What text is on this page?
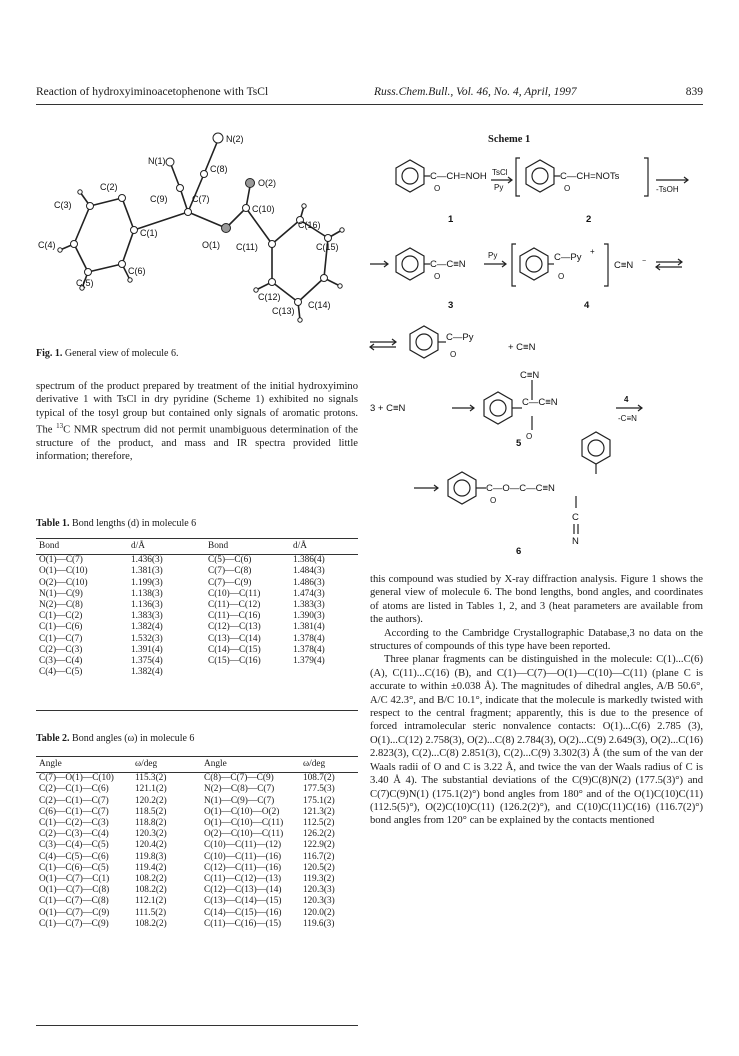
Reaction of hydroxyiminoacetophenone with TsCl	Russ.Chem.Bull., Vol. 46, No. 4, April, 1997	839
N(2)
C(8)
N(1)
O(2)
C(2)
C(9)	C(7)
C(3)	C(10)
C(16)
C(1)
C(4)	O(1) C(11)	C(15)
C(6)
C(5)
C(12)
C(13)
C(14)
Fig. 1. General view of molecule 6.
spectrum of the product prepared by treatment of the initial hydroxyimino derivative 1 with TsCl in dry pyridine (Scheme 1) exhibited no signals typical of the tosyl group but contained only signals of aromatic protons. The $^{13}$C NMR spectrum did not permit unambiguous determination of the structure of the product, and mass and IR spectra provided little information; therefore,
Table 1. Bond lengths (d) in molecule 6
Bond	d/Å	Bond	d/Å
O(1)—C(7)	1.436(3)	C(5)—C(6)	1.386(4)
O(1)—C(10)	1.381(3)	C(7)—C(8)	1.484(3)
O(2)—C(10)	1.199(3)	C(7)—C(9)	1.486(3)
N(1)—C(9)	1.138(3)	C(10)—C(11)	1.474(3)
N(2)—C(8)	1.136(3)	C(11)—C(12)	1.383(3)
C(1)—C(2)	1.383(3)	C(11)—C(16)	1.390(3)
C(1)—C(6)	1.382(4)	C(12)—C(13)	1.381(4)
C(1)—C(7)	1.532(3)	C(13)—C(14)	1.378(4)
C(2)—C(3)	1.391(4)	C(14)—C(15)	1.378(4)
C(3)—C(4)	1.375(4)	C(15)—C(16)	1.379(4)
C(4)—C(5)	1.382(4)		
Table 2. Bond angles (ω) in molecule 6
Angle	ω/deg	Angle	ω/deg
C(7)—O(1)—C(10)	115.3(2)	C(8)—C(7)—C(9)	108.7(2)
C(2)—C(1)—C(6)	121.1(2)	N(2)—C(8)—C(7)	177.5(3)
C(2)—C(1)—C(7)	120.2(2)	N(1)—C(9)—C(7)	175.1(2)
C(6)—C(1)—C(7)	118.5(2)	O(1)—C(10)—O(2)	121.3(2)
C(1)—C(2)—C(3)	118.8(2)	O(1)—C(10)—C(11)	112.5(2)
C(2)—C(3)—C(4)	120.3(2)	O(2)—C(10)—C(11)	126.2(2)
C(3)—C(4)—C(5)	120.4(2)	C(10)—C(11)—(12)	122.9(2)
C(4)—C(5)—C(6)	119.8(3)	C(10)—C(11)—(16)	116.7(2)
C(1)—C(6)—C(5)	119.4(2)	C(12)—C(11)—(16)	120.5(2)
O(1)—C(7)—C(1)	108.2(2)	C(11)—C(12)—(13)	119.3(2)
O(1)—C(7)—C(8)	108.2(2)	C(12)—C(13)—(14)	120.3(3)
C(1)—C(7)—C(8)	112.1(2)	C(13)—C(14)—(15)	120.3(3)
O(1)—C(7)—C(9)	111.5(2)	C(14)—C(15)—(16)	120.0(2)
C(1)—C(7)—C(9)	108.2(2)	C(11)—C(16)—(15)	119.6(3)
Scheme 1
C—CH=NOH TsCl
Py
C—CH=NOTs
-TsOH
O	O
1	2
C—C≡N
Py	C—Py
+
C≡N −
O	O
3	4
C—Py
+ C≡N
O
C≡N
C—C≡N
O
3 + C≡N
4
-C≡N
5
C—O—C—C≡N
O
C
N
6

this compound was studied by X-ray diffraction analysis. Figure 1 shows the general view of molecule 6. The bond lengths, bond angles, and coordinates of atoms are listed in Tables 1, 2, and 3 (heat parameters are available from the authors).

According to the Cambridge Crystallographic Database,3 no data on the structures of compounds of this type have been reported.

Three planar fragments can be distinguished in the molecule: C(1)...C(6) (A), C(11)...C(16) (B), and C(1)—C(7)—O(1)—C(10)—C(11) (plane C is accurate to within ±0.038 Å). The magnitudes of dihedral angles, A/B 50.6°, A/C 42.3°, and B/C 10.1°, indicate that the molecule is markedly twisted with respect to the central fragment; apparently, this is due to the presence of forced intramolecular steric nonvalence contacts: O(1)...C(6) 2.785 (3), O(1)...C(12) 2.758(3), O(2)...C(8) 2.784(3), O(2)...C(9) 2.649(3), O(2)...C(16) 2.823(3), C(2)...C(8) 2.851(3), C(2)...C(9) 3.302(3) Å (the sum of the van der Waals radii of O and C is 3.22 Å, and twice the van der Waals radius of C is 3.40 Å 4). The substantial deviations of the C(9)C(8)N(2) (177.5(3)°) and C(7)C(9)N(1) (175.1(2)°) bond angles from 180° and of the O(1)C(10)C(11) (112.5(5)°), O(2)C(10)C(11) (126.2(2)°), and C(10)C(11)C(16) (116.7(2)°) bond angles from 120° can be explained by the contacts mentioned
